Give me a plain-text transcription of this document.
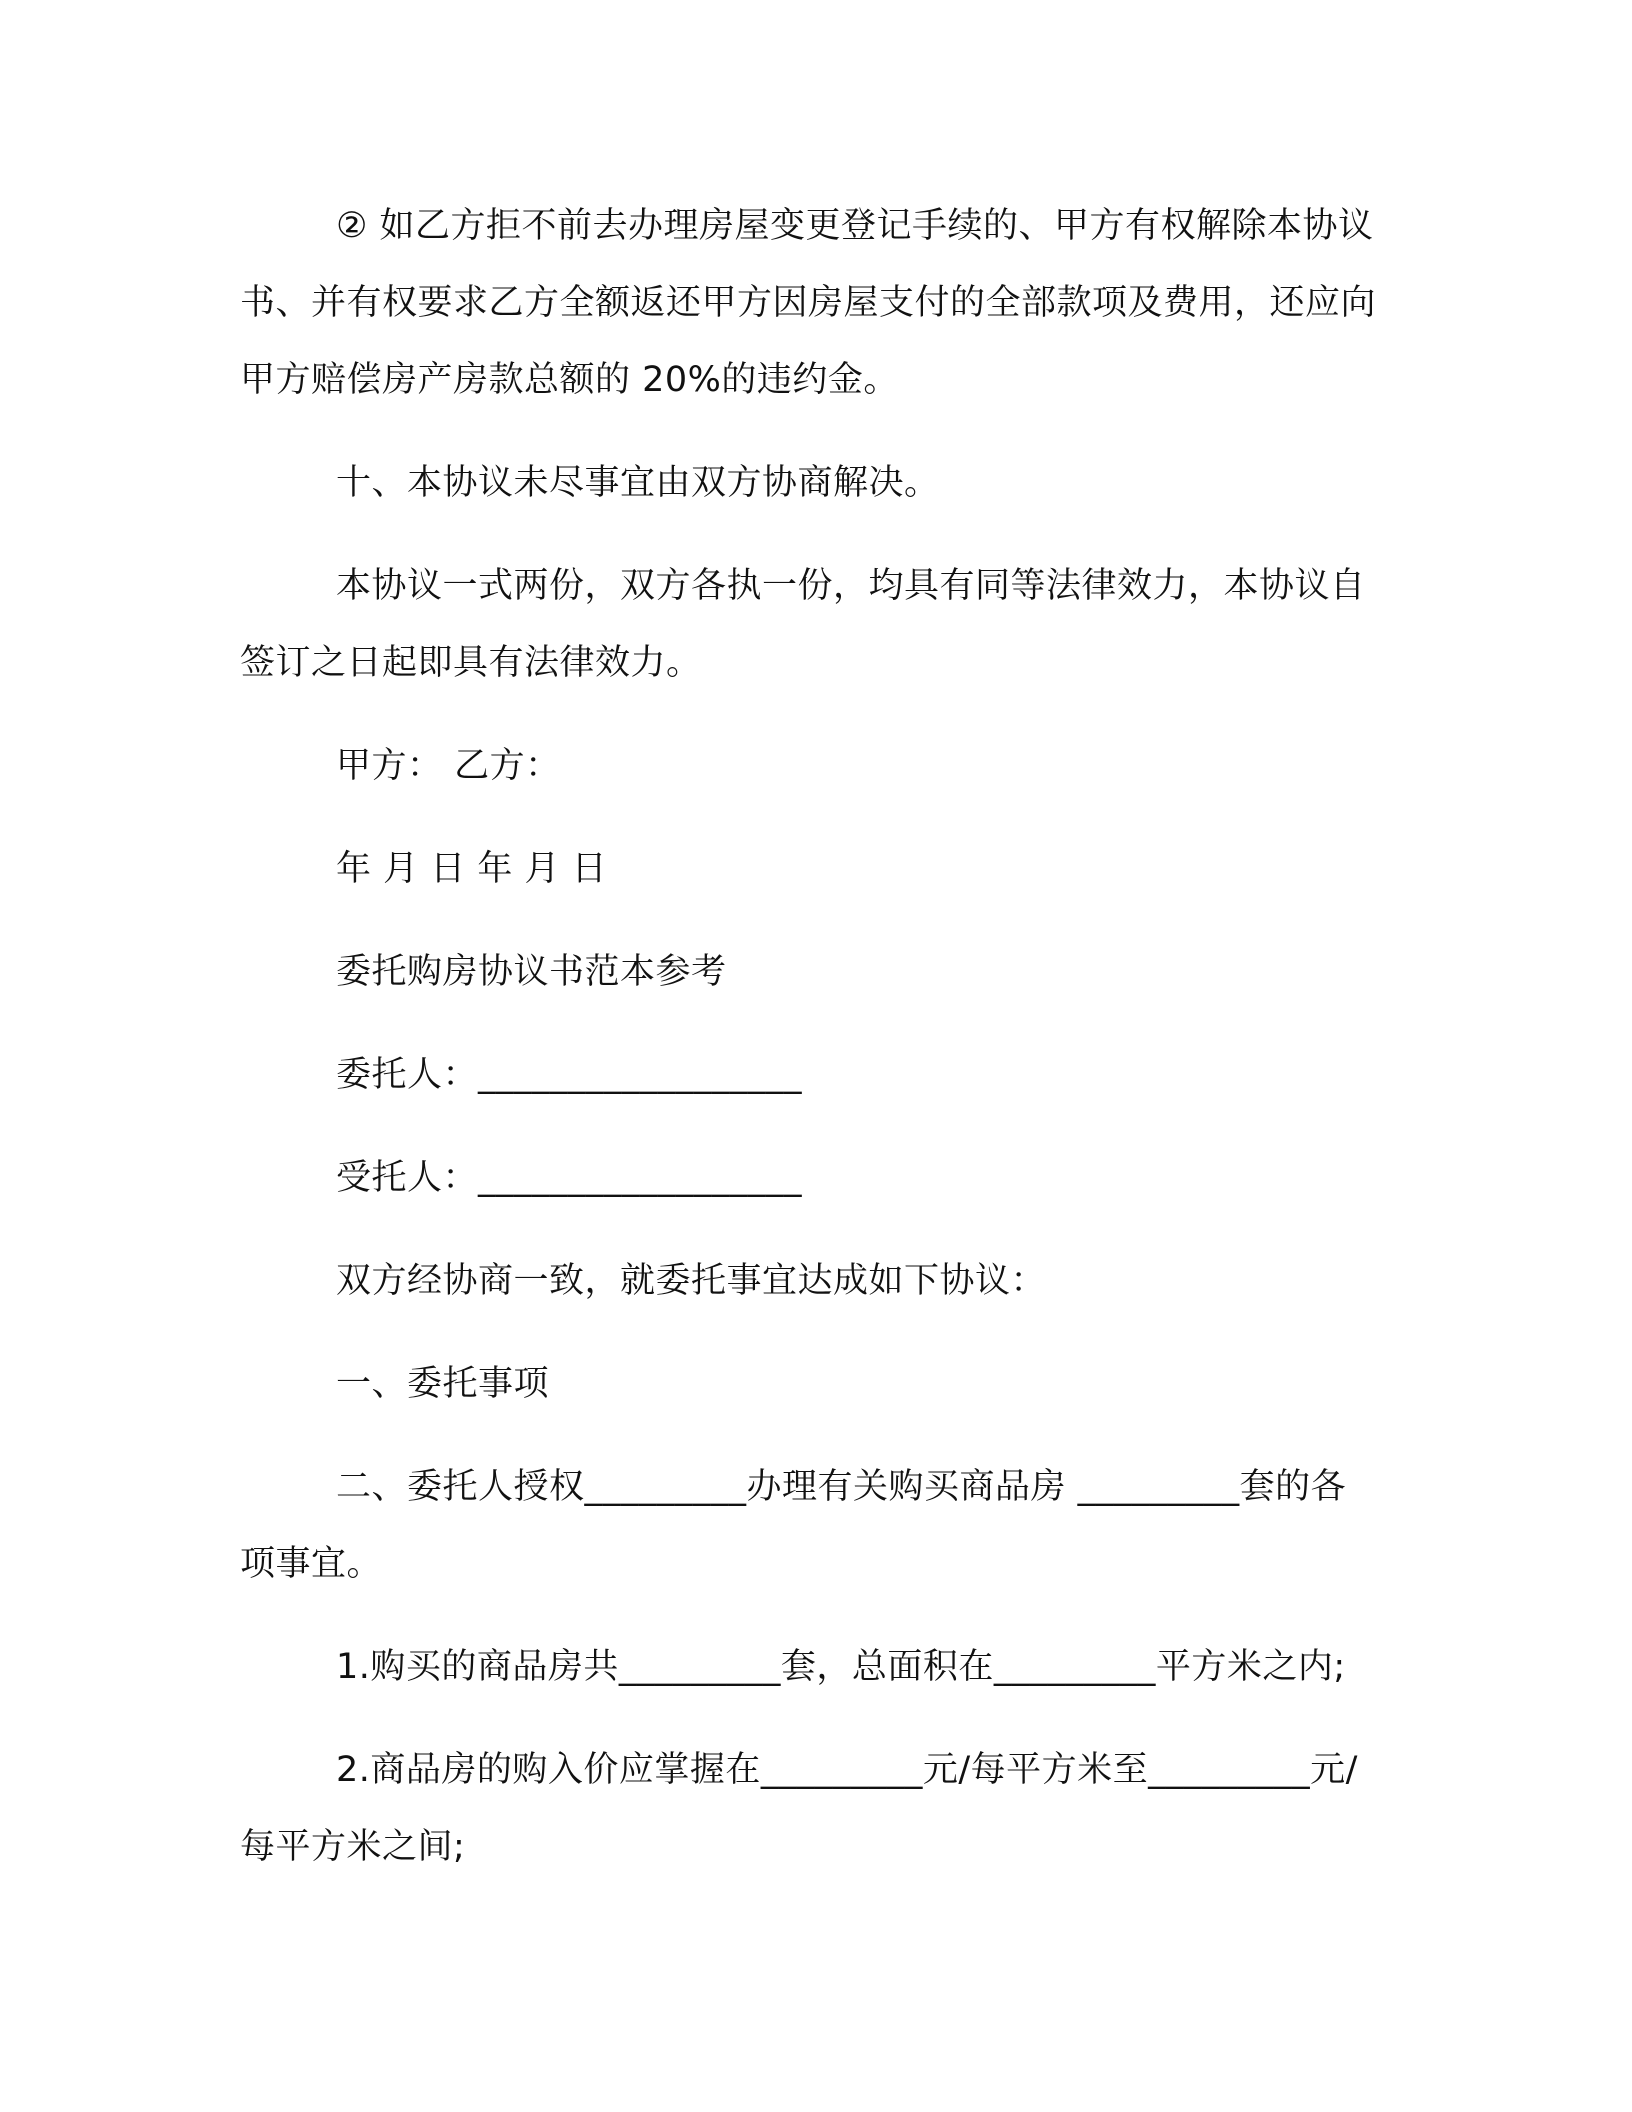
② 如乙方拒不前去办理房屋变更登记手续的、甲方有权解除本协议书、并有权要求乙方全额返还甲方因房屋支付的全部款项及费用，还应向甲方赔偿房产房款总额的 20%的违约金。

十、本协议未尽事宜由双方协商解决。

本协议一式两份，双方各执一份，均具有同等法律效力，本协议自签订之日起即具有法律效力。

甲方： 乙方：

年 月 日 年 月 日

委托购房协议书范本参考

委托人：__________________

受托人：__________________

双方经协商一致，就委托事宜达成如下协议：

一、委托事项

二、委托人授权_________办理有关购买商品房 _________套的各项事宜。

1.购买的商品房共_________套，总面积在_________平方米之内;

2.商品房的购入价应掌握在_________元/每平方米至_________元/每平方米之间;
